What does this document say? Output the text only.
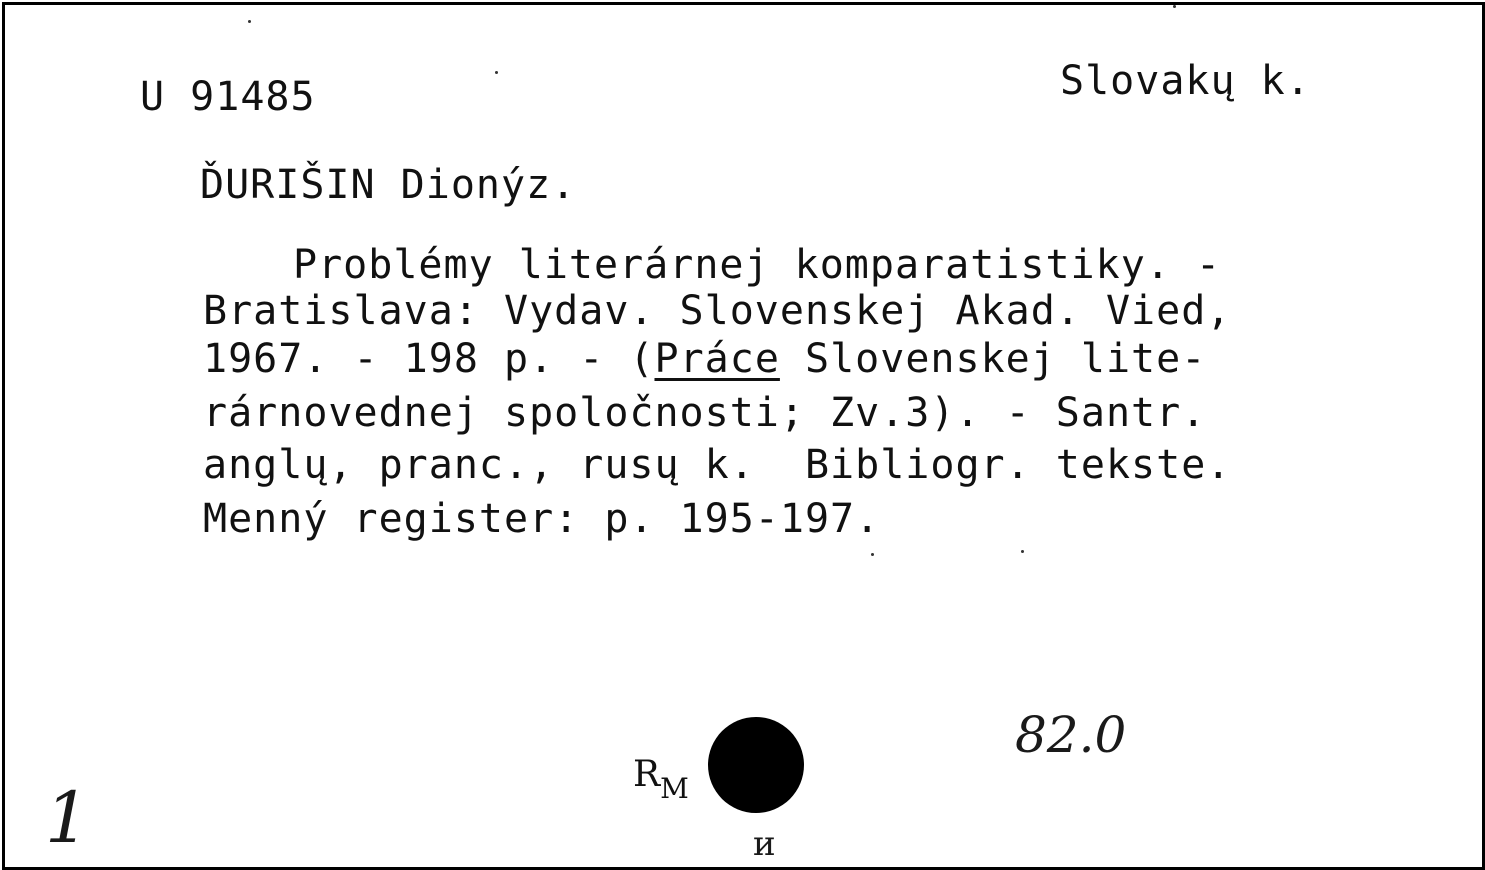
U 91485	Slovakų k.
ĎURIŠIN Dionýz.
Problémy literárnej komparatistiky. -
Bratislava: Vydav. Slovenskej Akad. Vied,
1967. - 198 p. - (Práce Slovenskej lite-
rárnovednej spoločnosti; Zv.3). - Santr.
anglų, pranc., rusų k.  Bibliogr. tekste.
Menný register: p. 195-197.
82.0
$R_M$
1	и
